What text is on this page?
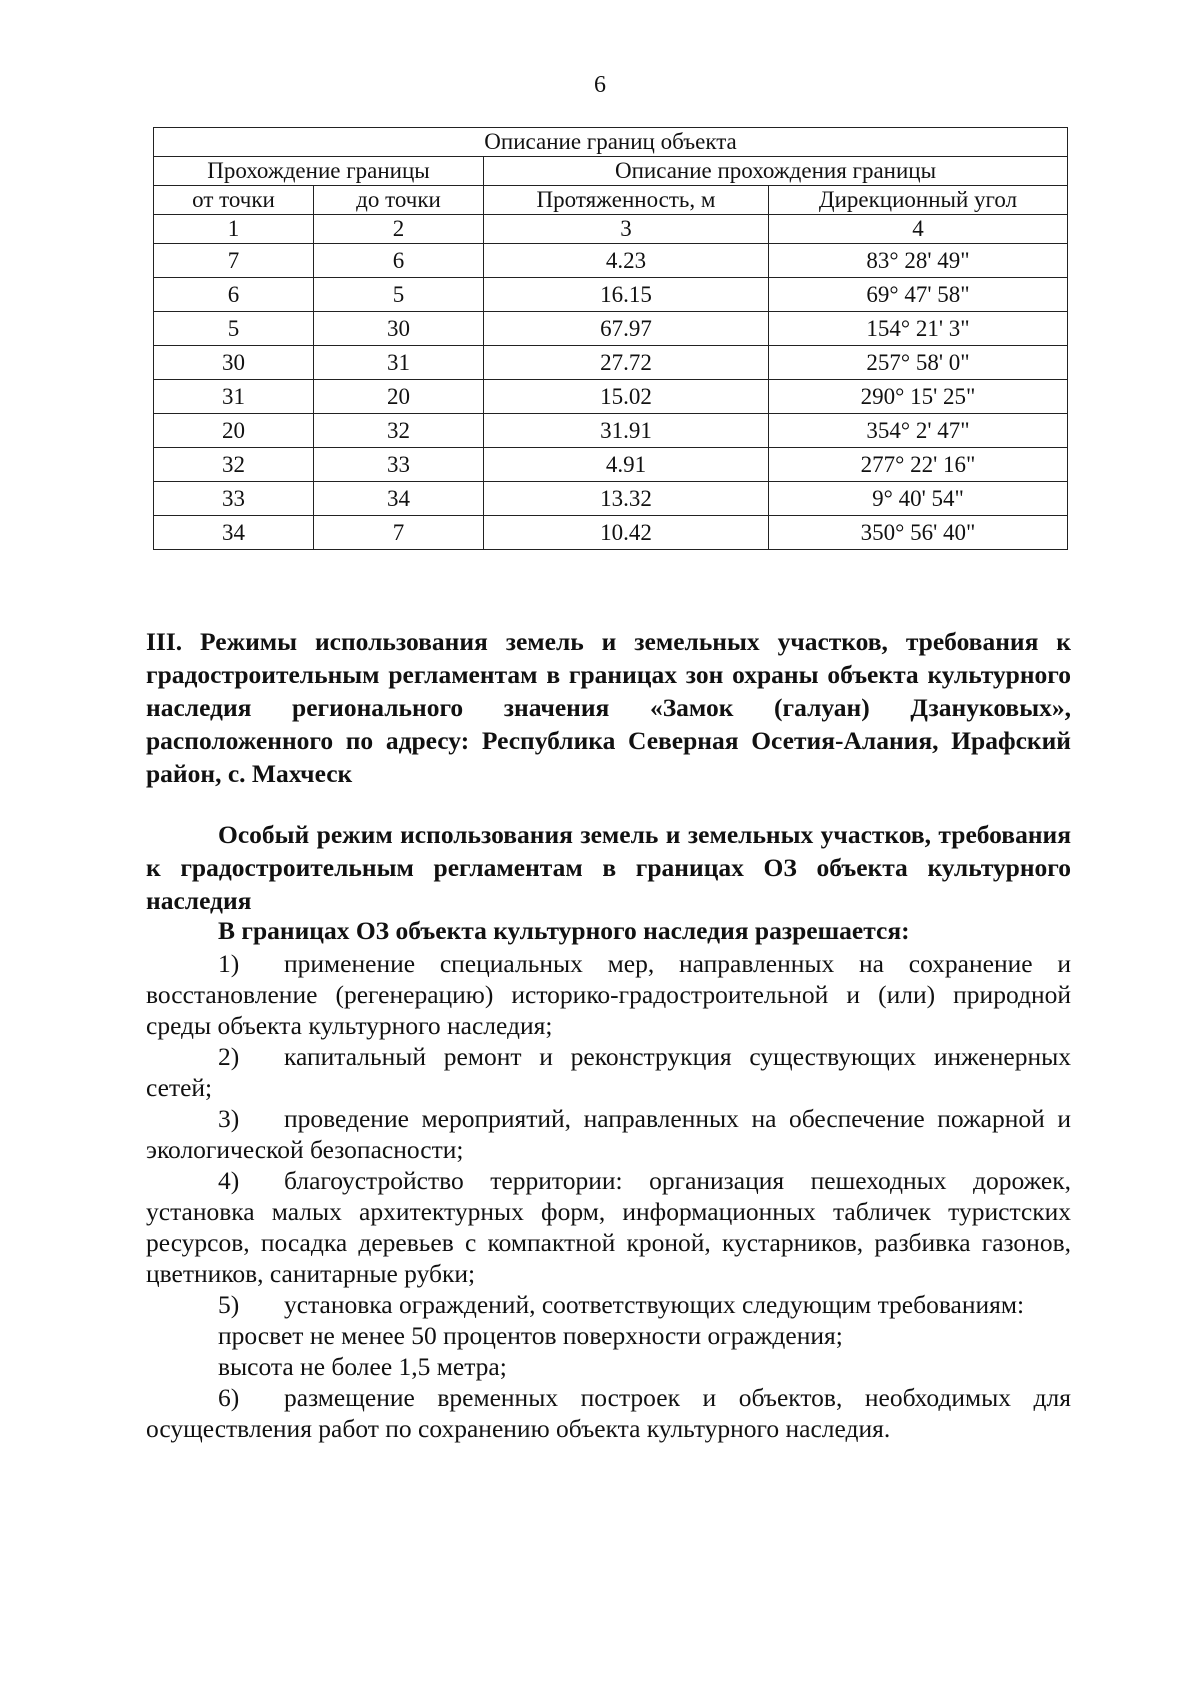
6
Описание границ объекта			
Прохождение границы		Описание прохождения границы	
от точки	до точки	Протяженность, м	Дирекционный угол
1	2	3	4
7	6	4.23	83° 28' 49"
6	5	16.15	69° 47' 58"
5	30	67.97	154° 21' 3"
30	31	27.72	257° 58' 0"
31	20	15.02	290° 15' 25"
20	32	31.91	354° 2' 47"
32	33	4.91	277° 22' 16"
33	34	13.32	9° 40' 54"
34	7	10.42	350° 56' 40"
III. Режимы использования земель и земельных участков, требования к градостроительным регламентам в границах зон охраны объекта культурного наследия регионального значения «Замок (галуан) Дзануковых», расположенного по адресу: Республика Северная Осетия-Алания, Ирафский район, с. Махческ
Особый режим использования земель и земельных участков, требования к градостроительным регламентам в границах ОЗ объекта культурного наследия
В границах ОЗ объекта культурного наследия разрешается:

1) применение специальных мер, направленных на сохранение и восстановление (регенерацию) историко-градостроительной и (или) природной среды объекта культурного наследия;

2) капитальный ремонт и реконструкция существующих инженерных сетей;

3) проведение мероприятий, направленных на обеспечение пожарной и экологической безопасности;

4) благоустройство территории: организация пешеходных дорожек, установка малых архитектурных форм, информационных табличек туристских ресурсов, посадка деревьев с компактной кроной, кустарников, разбивка газонов, цветников, санитарные рубки;

5) установка ограждений, соответствующих следующим требованиям:

просвет не менее 50 процентов поверхности ограждения;

высота не более 1,5 метра;

6) размещение временных построек и объектов, необходимых для осуществления работ по сохранению объекта культурного наследия.
